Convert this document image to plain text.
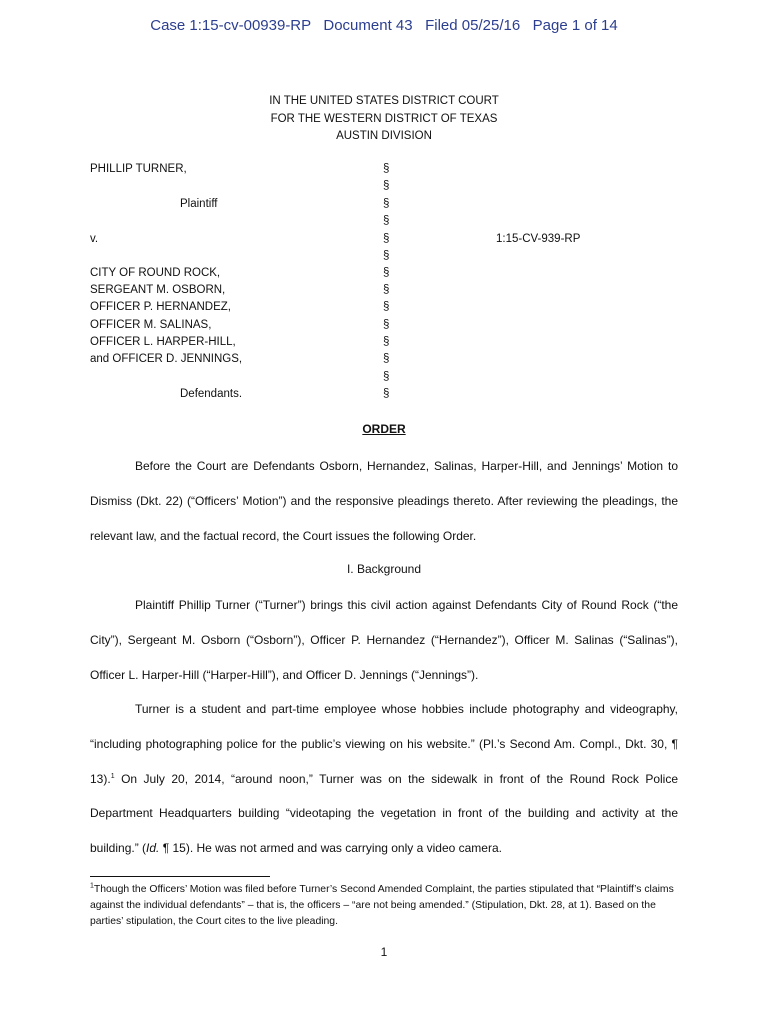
Case 1:15-cv-00939-RP   Document 43   Filed 05/25/16   Page 1 of 14
IN THE UNITED STATES DISTRICT COURT
FOR THE WESTERN DISTRICT OF TEXAS
AUSTIN DIVISION
PHILLIP TURNER,
Plaintiff
v.
CITY OF ROUND ROCK,
SERGEANT M. OSBORN,
OFFICER P. HERNANDEZ,
OFFICER M. SALINAS,
OFFICER L. HARPER-HILL,
and OFFICER D. JENNINGS,
Defendants.
§
§
§
§
§
§
§
§
§
§
§
§
§
§
1:15-CV-939-RP
ORDER

Before the Court are Defendants Osborn, Hernandez, Salinas, Harper-Hill, and Jennings’ Motion to Dismiss (Dkt. 22) (“Officers’ Motion”) and the responsive pleadings thereto. After reviewing the pleadings, the relevant law, and the factual record, the Court issues the following Order.

I. Background

Plaintiff Phillip Turner (“Turner”) brings this civil action against Defendants City of Round Rock (“the City”), Sergeant M. Osborn (“Osborn”), Officer P. Hernandez (“Hernandez”), Officer M. Salinas (“Salinas”), Officer L. Harper-Hill (“Harper-Hill”), and Officer D. Jennings (“Jennings”).

Turner is a student and part-time employee whose hobbies include photography and videography, “including photographing police for the public’s viewing on his website.” (Pl.’s Second Am. Compl., Dkt. 30, ¶ 13).$^1$ On July 20, 2014, “around noon,” Turner was on the sidewalk in front of the Round Rock Police Department Headquarters building “videotaping the vegetation in front of the building and activity at the building.” (Id. ¶ 15). He was not armed and was carrying only a video camera.

$^1$Though the Officers’ Motion was filed before Turner’s Second Amended Complaint, the parties stipulated that “Plaintiff’s claims against the individual defendants” – that is, the officers – “are not being amended.” (Stipulation, Dkt. 28, at 1). Based on the parties’ stipulation, the Court cites to the live pleading.
1
